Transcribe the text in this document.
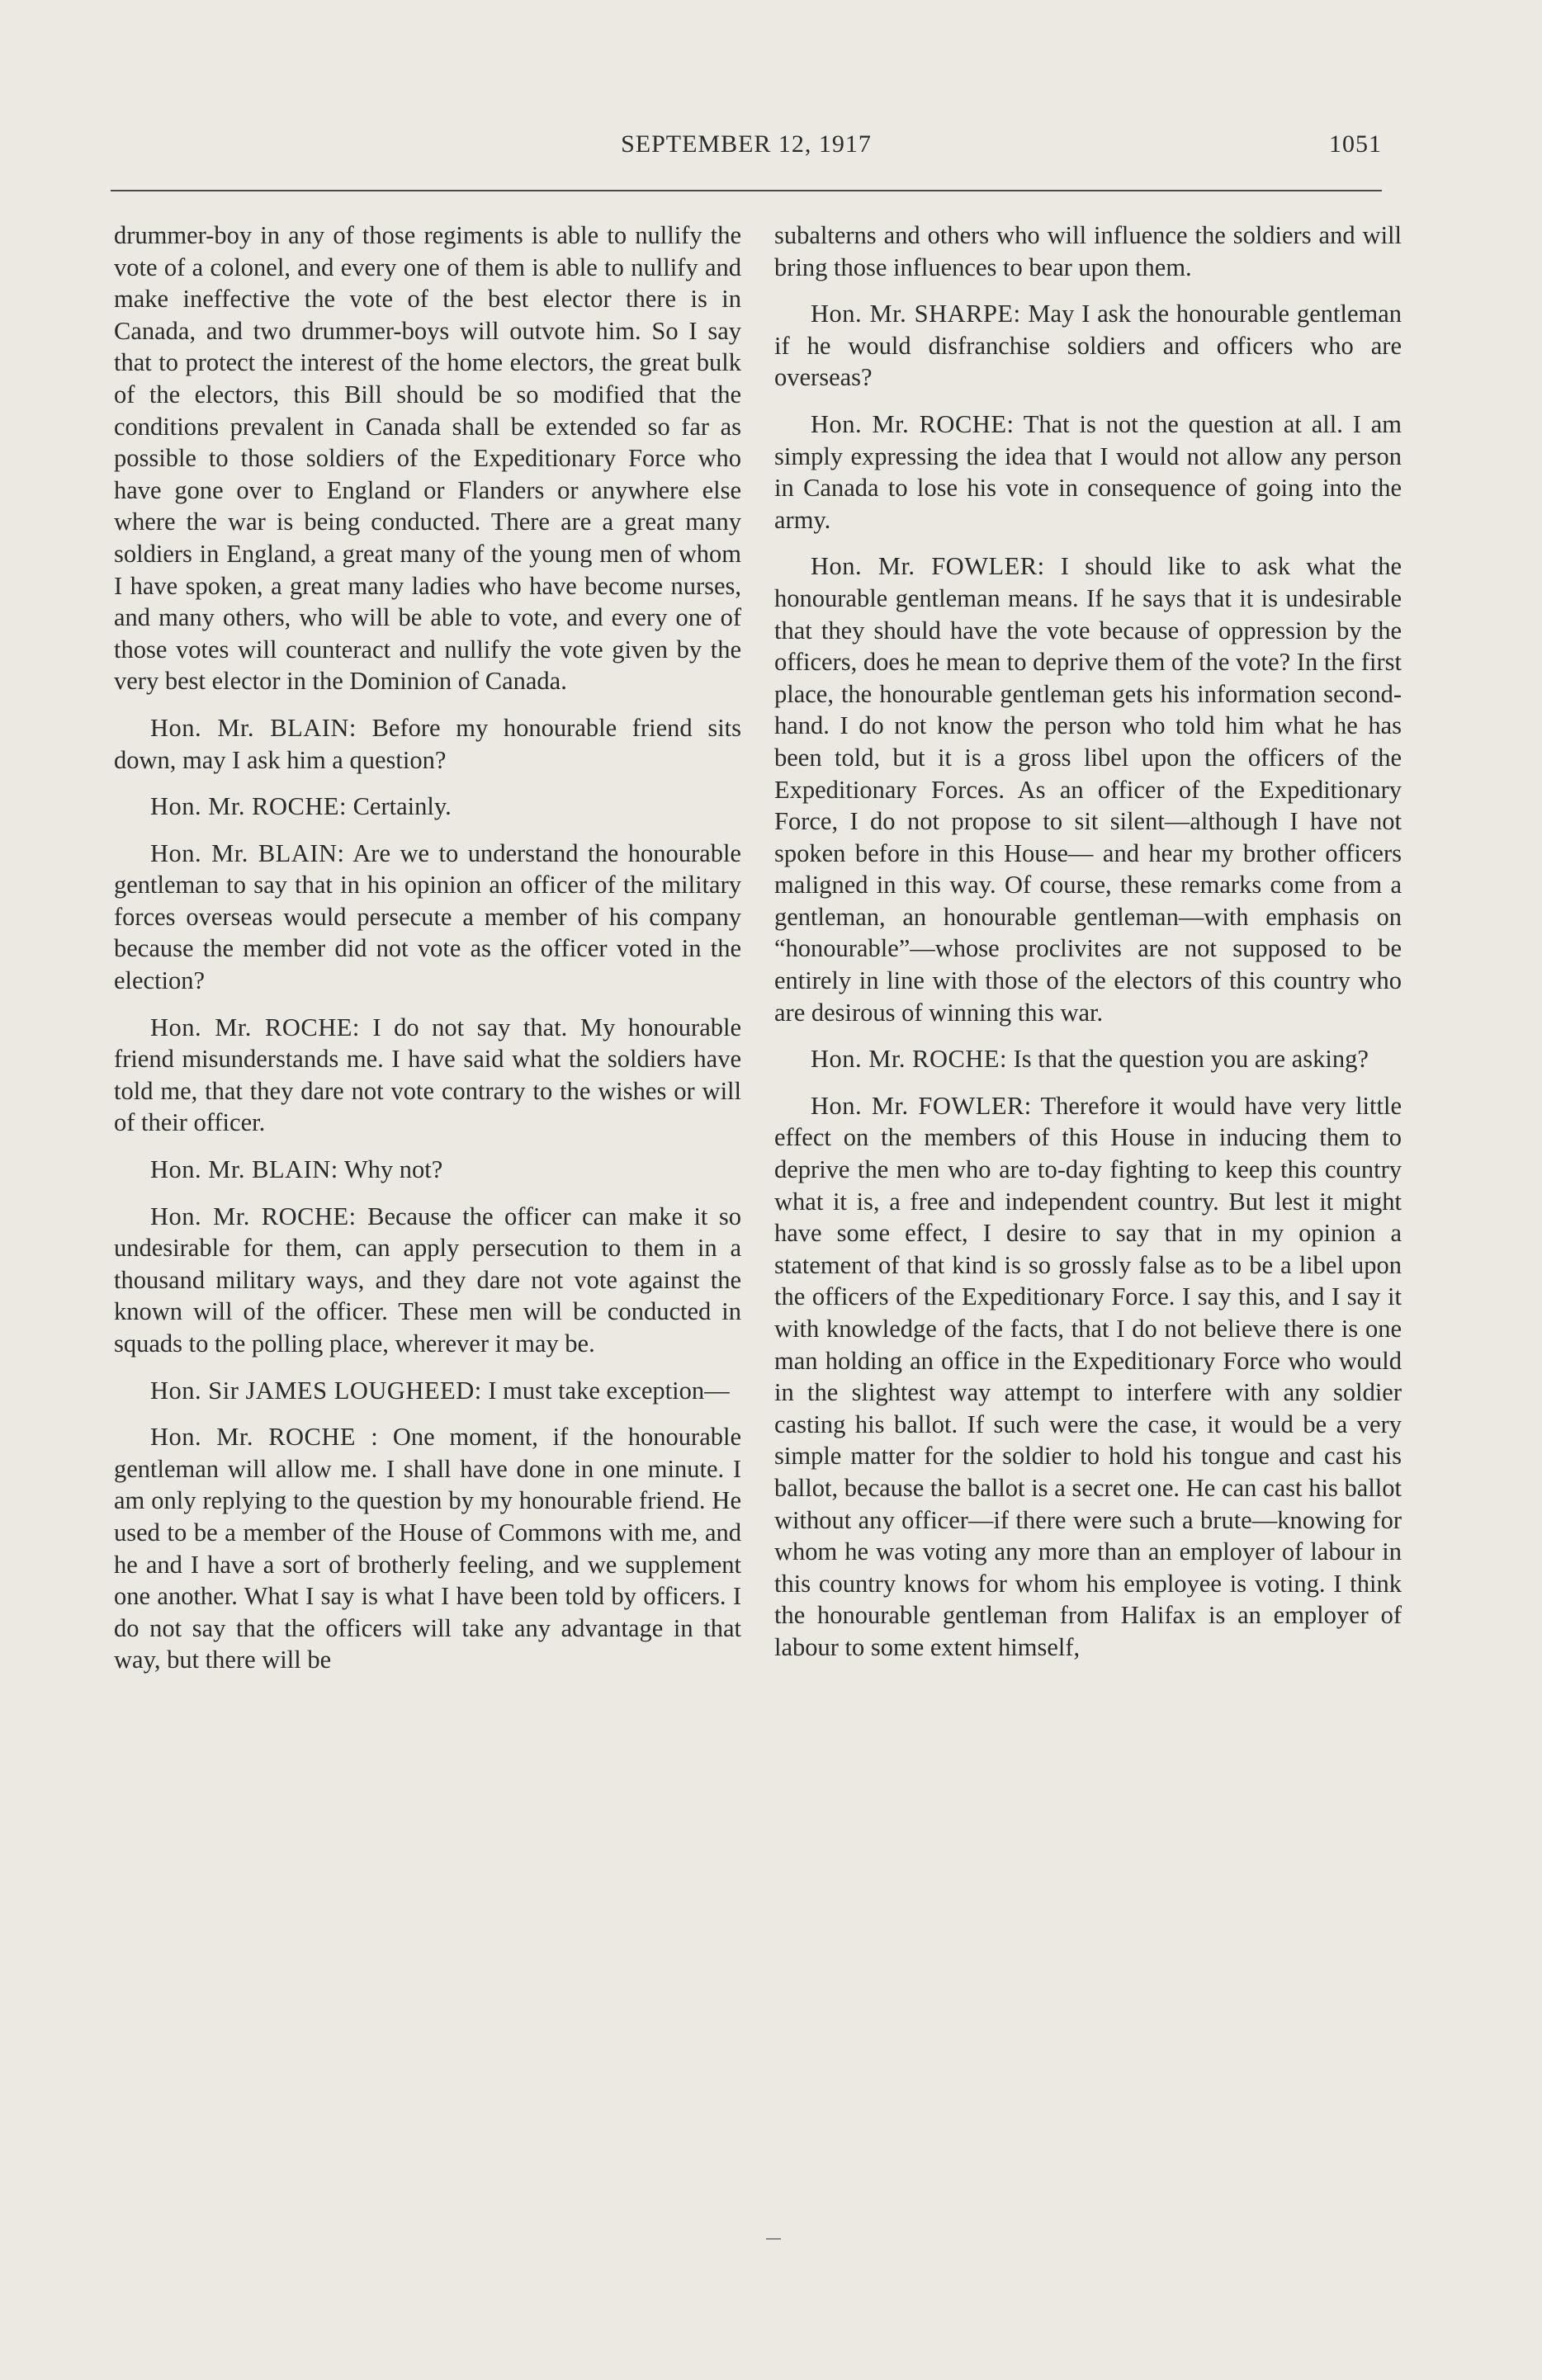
SEPTEMBER 12, 1917	1051

drummer-boy in any of those regiments is able to nullify the vote of a colonel, and every one of them is able to nullify and make ineffective the vote of the best elector there is in Canada, and two drummer-boys will outvote him. So I say that to protect the interest of the home electors, the great bulk of the electors, this Bill should be so modified that the conditions prevalent in Canada shall be extended so far as possible to those soldiers of the Expeditionary Force who have gone over to England or Flanders or anywhere else where the war is being conducted. There are a great many soldiers in England, a great many of the young men of whom I have spoken, a great many ladies who have become nurses, and many others, who will be able to vote, and every one of those votes will counteract and nullify the vote given by the very best elector in the Dominion of Canada.

Hon. Mr. BLAIN: Before my honourable friend sits down, may I ask him a question?

Hon. Mr. ROCHE: Certainly.

Hon. Mr. BLAIN: Are we to understand the honourable gentleman to say that in his opinion an officer of the military forces overseas would persecute a member of his company because the member did not vote as the officer voted in the election?

Hon. Mr. ROCHE: I do not say that. My honourable friend misunderstands me. I have said what the soldiers have told me, that they dare not vote contrary to the wishes or will of their officer.

Hon. Mr. BLAIN: Why not?

Hon. Mr. ROCHE: Because the officer can make it so undesirable for them, can apply persecution to them in a thousand military ways, and they dare not vote against the known will of the officer. These men will be conducted in squads to the polling place, wherever it may be.

Hon. Sir JAMES LOUGHEED: I must take exception—

Hon. Mr. ROCHE : One moment, if the honourable gentleman will allow me. I shall have done in one minute. I am only replying to the question by my honourable friend. He used to be a member of the House of Commons with me, and he and I have a sort of brotherly feeling, and we supplement one another. What I say is what I have been told by officers. I do not say that the officers will take any advantage in that way, but there will be

subalterns and others who will influence the soldiers and will bring those influences to bear upon them.

Hon. Mr. SHARPE: May I ask the honourable gentleman if he would disfranchise soldiers and officers who are overseas?

Hon. Mr. ROCHE: That is not the question at all. I am simply expressing the idea that I would not allow any person in Canada to lose his vote in consequence of going into the army.

Hon. Mr. FOWLER: I should like to ask what the honourable gentleman means. If he says that it is undesirable that they should have the vote because of oppression by the officers, does he mean to deprive them of the vote? In the first place, the honourable gentleman gets his information second-hand. I do not know the person who told him what he has been told, but it is a gross libel upon the officers of the Expeditionary Forces. As an officer of the Expeditionary Force, I do not propose to sit silent—although I have not spoken before in this House— and hear my brother officers maligned in this way. Of course, these remarks come from a gentleman, an honourable gentleman—with emphasis on “honourable”—whose proclivites are not supposed to be entirely in line with those of the electors of this country who are desirous of winning this war.

Hon. Mr. ROCHE: Is that the question you are asking?

Hon. Mr. FOWLER: Therefore it would have very little effect on the members of this House in inducing them to deprive the men who are to-day fighting to keep this country what it is, a free and independent country. But lest it might have some effect, I desire to say that in my opinion a statement of that kind is so grossly false as to be a libel upon the officers of the Expeditionary Force. I say this, and I say it with knowledge of the facts, that I do not believe there is one man holding an office in the Expeditionary Force who would in the slightest way attempt to interfere with any soldier casting his ballot. If such were the case, it would be a very simple matter for the soldier to hold his tongue and cast his ballot, because the ballot is a secret one. He can cast his ballot without any officer—if there were such a brute—knowing for whom he was voting any more than an employer of labour in this country knows for whom his employee is voting. I think the honourable gentleman from Halifax is an employer of labour to some extent himself,
